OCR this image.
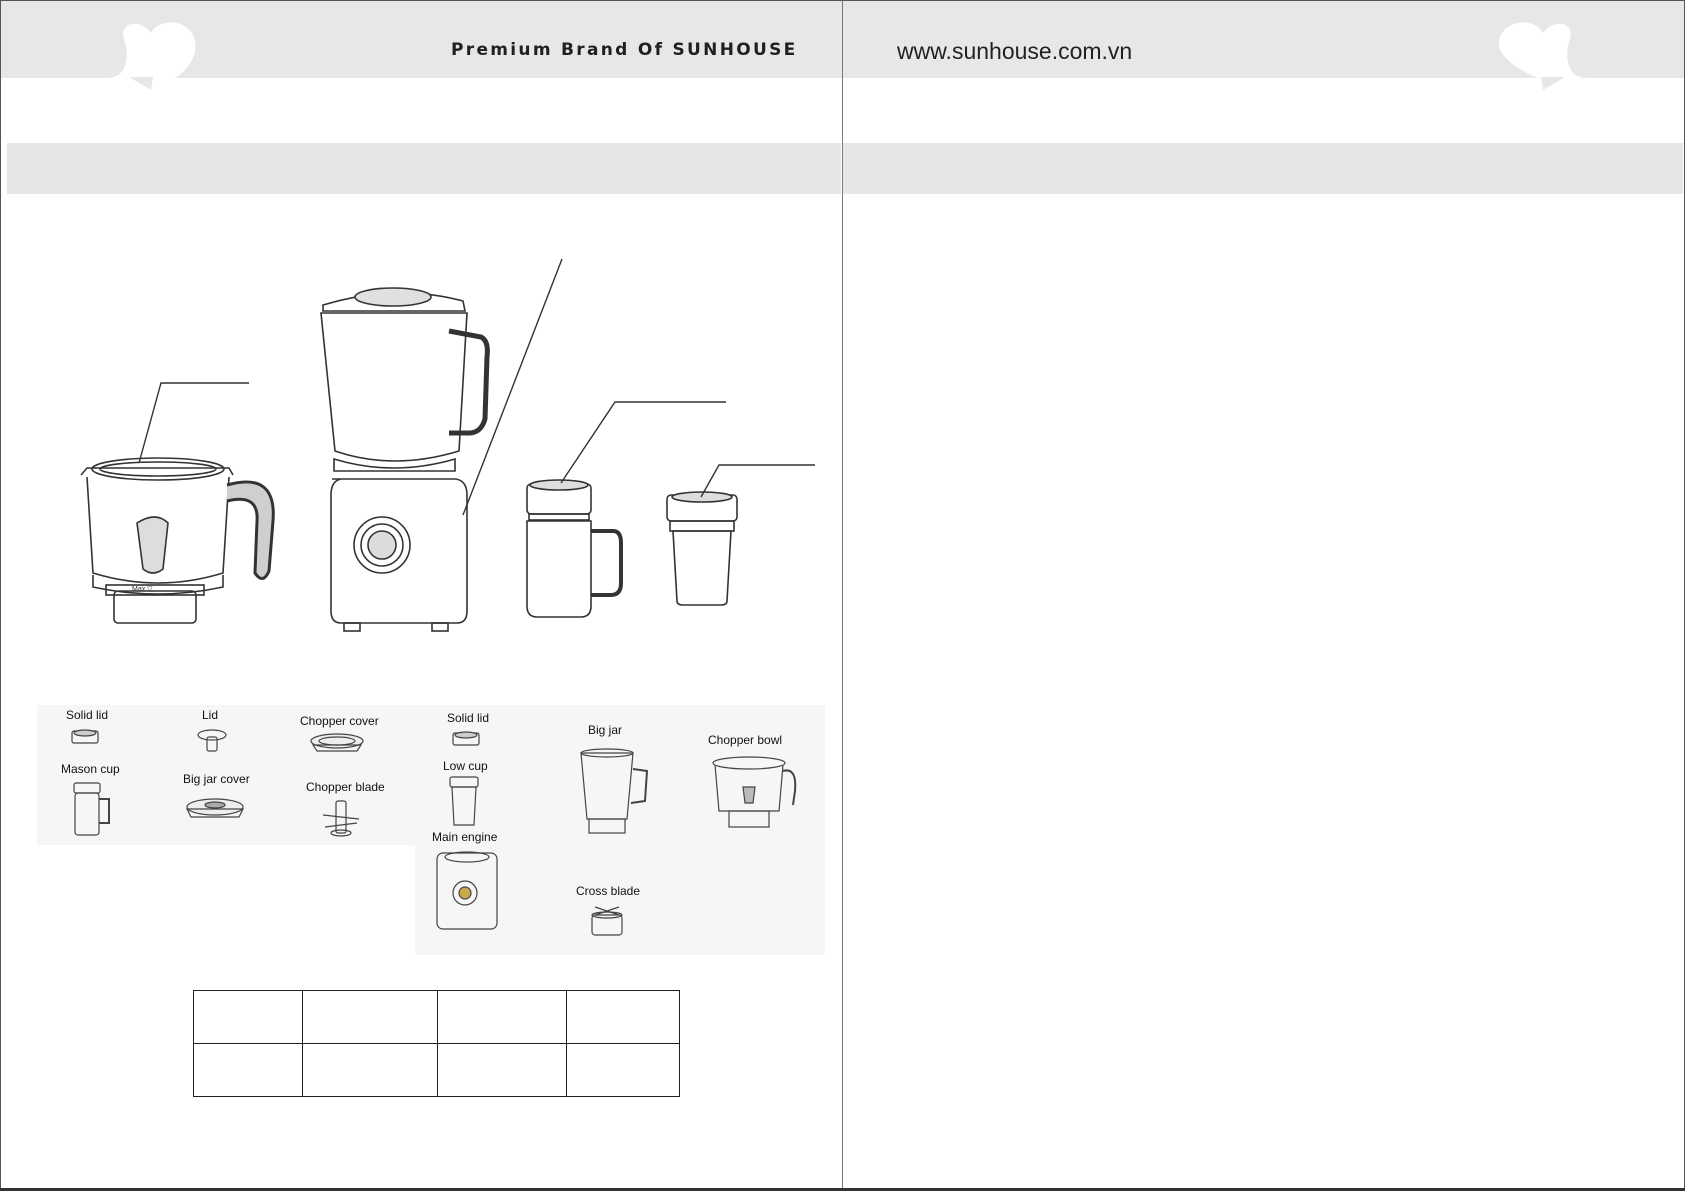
Premium Brand Of SUNHOUSE
Max ▽
Solid lid	Lid	Chopper cover	Solid lid
Big jar
Chopper bowl
Mason cup
Big jar cover
Chopper blade
Low cup
Main engine
Cross blade

www.sunhouse.com.vn
